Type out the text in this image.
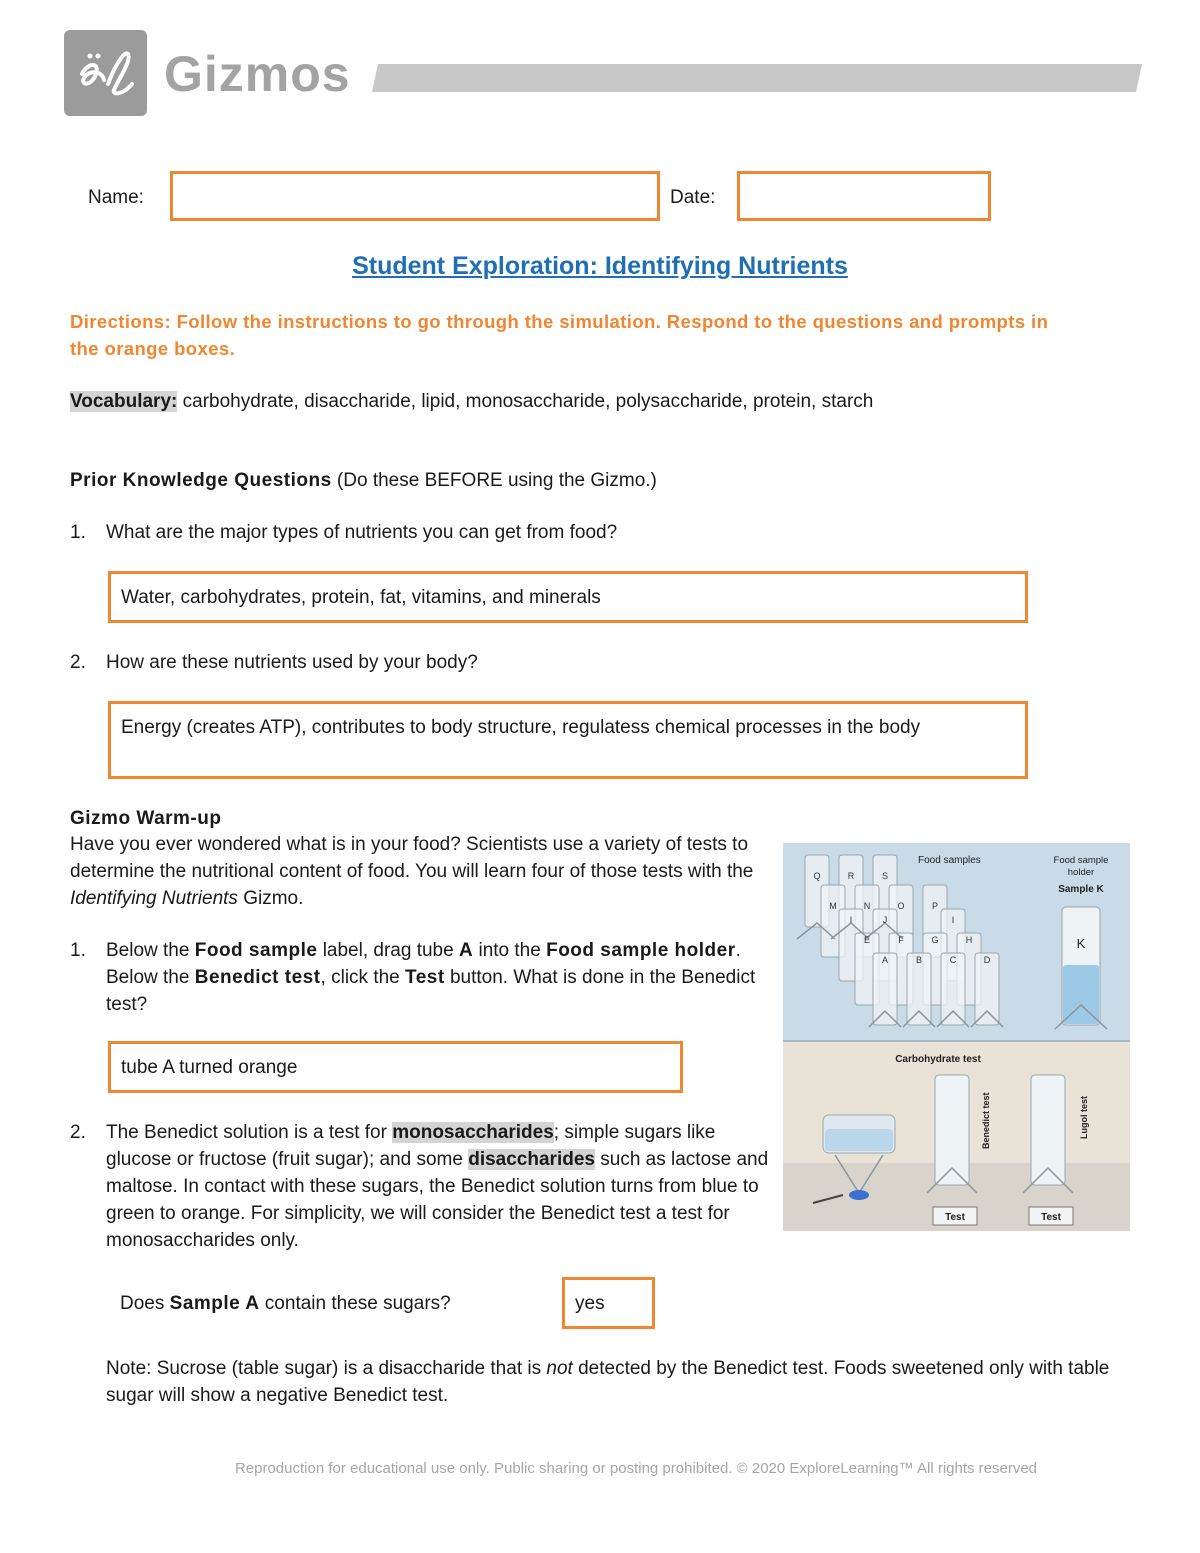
Gizmos
Name:	Date:
Student Exploration: Identifying Nutrients
Directions: Follow the instructions to go through the simulation. Respond to the questions and prompts in the orange boxes.
Vocabulary: carbohydrate, disaccharide, lipid, monosaccharide, polysaccharide, protein, starch
Prior Knowledge Questions (Do these BEFORE using the Gizmo.)
1. What are the major types of nutrients you can get from food?
Water, carbohydrates, protein, fat, vitamins, and minerals
2. How are these nutrients used by your body?
Energy (creates ATP), contributes to body structure, regulatess chemical processes in the body
Gizmo Warm-up
Have you ever wondered what is in your food? Scientists use a variety of tests to determine the nutritional content of food. You will learn four of those tests with the Identifying Nutrients Gizmo.
1. Below the Food sample label, drag tube A into the Food sample holder. Below the Benedict test, click the Test button. What is done in the Benedict test?
tube A turned orange
2. The Benedict solution is a test for monosaccharides; simple sugars like glucose or fructose (fruit sugar); and some disaccharides such as lactose and maltose. In contact with these sugars, the Benedict solution turns from blue to green to orange. For simplicity, we will consider the Benedict test a test for monosaccharides only.
Does Sample A contain these sugars?	yes
Note: Sucrose (table sugar) is a disaccharide that is not detected by the Benedict test. Foods sweetened only with table sugar will show a negative Benedict test.
Food samples	Food sample
holder
Sample K
Q	R	S
M	N	O	P
I	J	I
E	F	G	H
A	B	C	D
K
Carbohydrate test
Benedict test	Lugol test
Test	Test
Reproduction for educational use only. Public sharing or posting prohibited. © 2020 ExploreLearning™ All rights reserved
